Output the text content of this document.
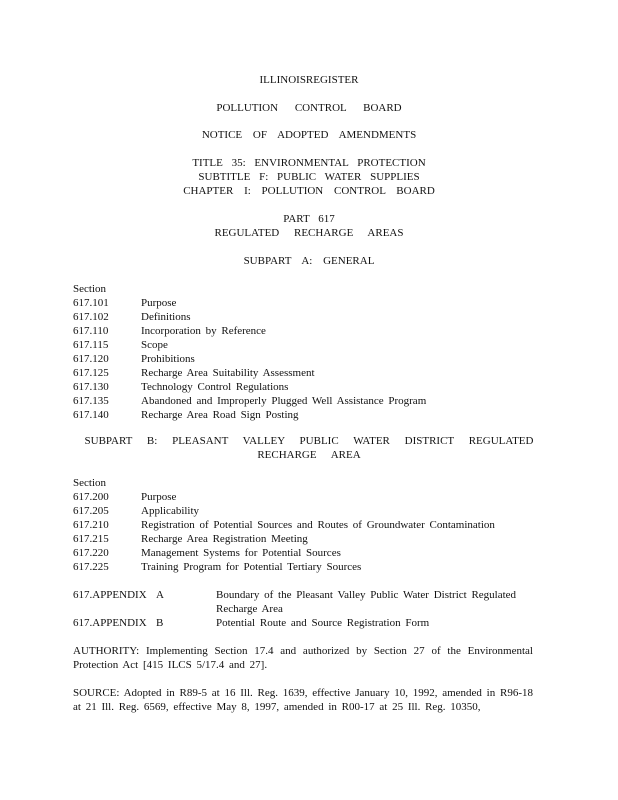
ILLINOISREGISTER
POLLUTION CONTROL BOARD
NOTICE OF ADOPTED AMENDMENTS
TITLE 35: ENVIRONMENTAL PROTECTION
SUBTITLE F: PUBLIC WATER SUPPLIES
CHAPTER I: POLLUTION CONTROL BOARD
PART 617
REGULATED RECHARGE AREAS
SUBPART A: GENERAL
Section
617.101	Purpose
617.102	Definitions
617.110	Incorporation by Reference
617.115	Scope
617.120	Prohibitions
617.125	Recharge Area Suitability Assessment
617.130	Technology Control Regulations
617.135	Abandoned and Improperly Plugged Well Assistance Program
617.140	Recharge Area Road Sign Posting
SUBPART B: PLEASANT VALLEY PUBLIC WATER DISTRICT REGULATED
RECHARGE AREA
Section
617.200	Purpose
617.205	Applicability
617.210	Registration of Potential Sources and Routes of Groundwater Contamination
617.215	Recharge Area Registration Meeting
617.220	Management Systems for Potential Sources
617.225	Training Program for Potential Tertiary Sources
617.APPENDIX A	Boundary of the Pleasant Valley Public Water District Regulated Recharge Area
617.APPENDIX B	Potential Route and Source Registration Form
AUTHORITY: Implementing Section 17.4 and authorized by Section 27 of the Environmental Protection Act [415 ILCS 5/17.4 and 27].
SOURCE: Adopted in R89-5 at 16 Ill. Reg. 1639, effective January 10, 1992, amended in R96-18 at 21 Ill. Reg. 6569, effective May 8, 1997, amended in R00-17 at 25 Ill. Reg. 10350,
